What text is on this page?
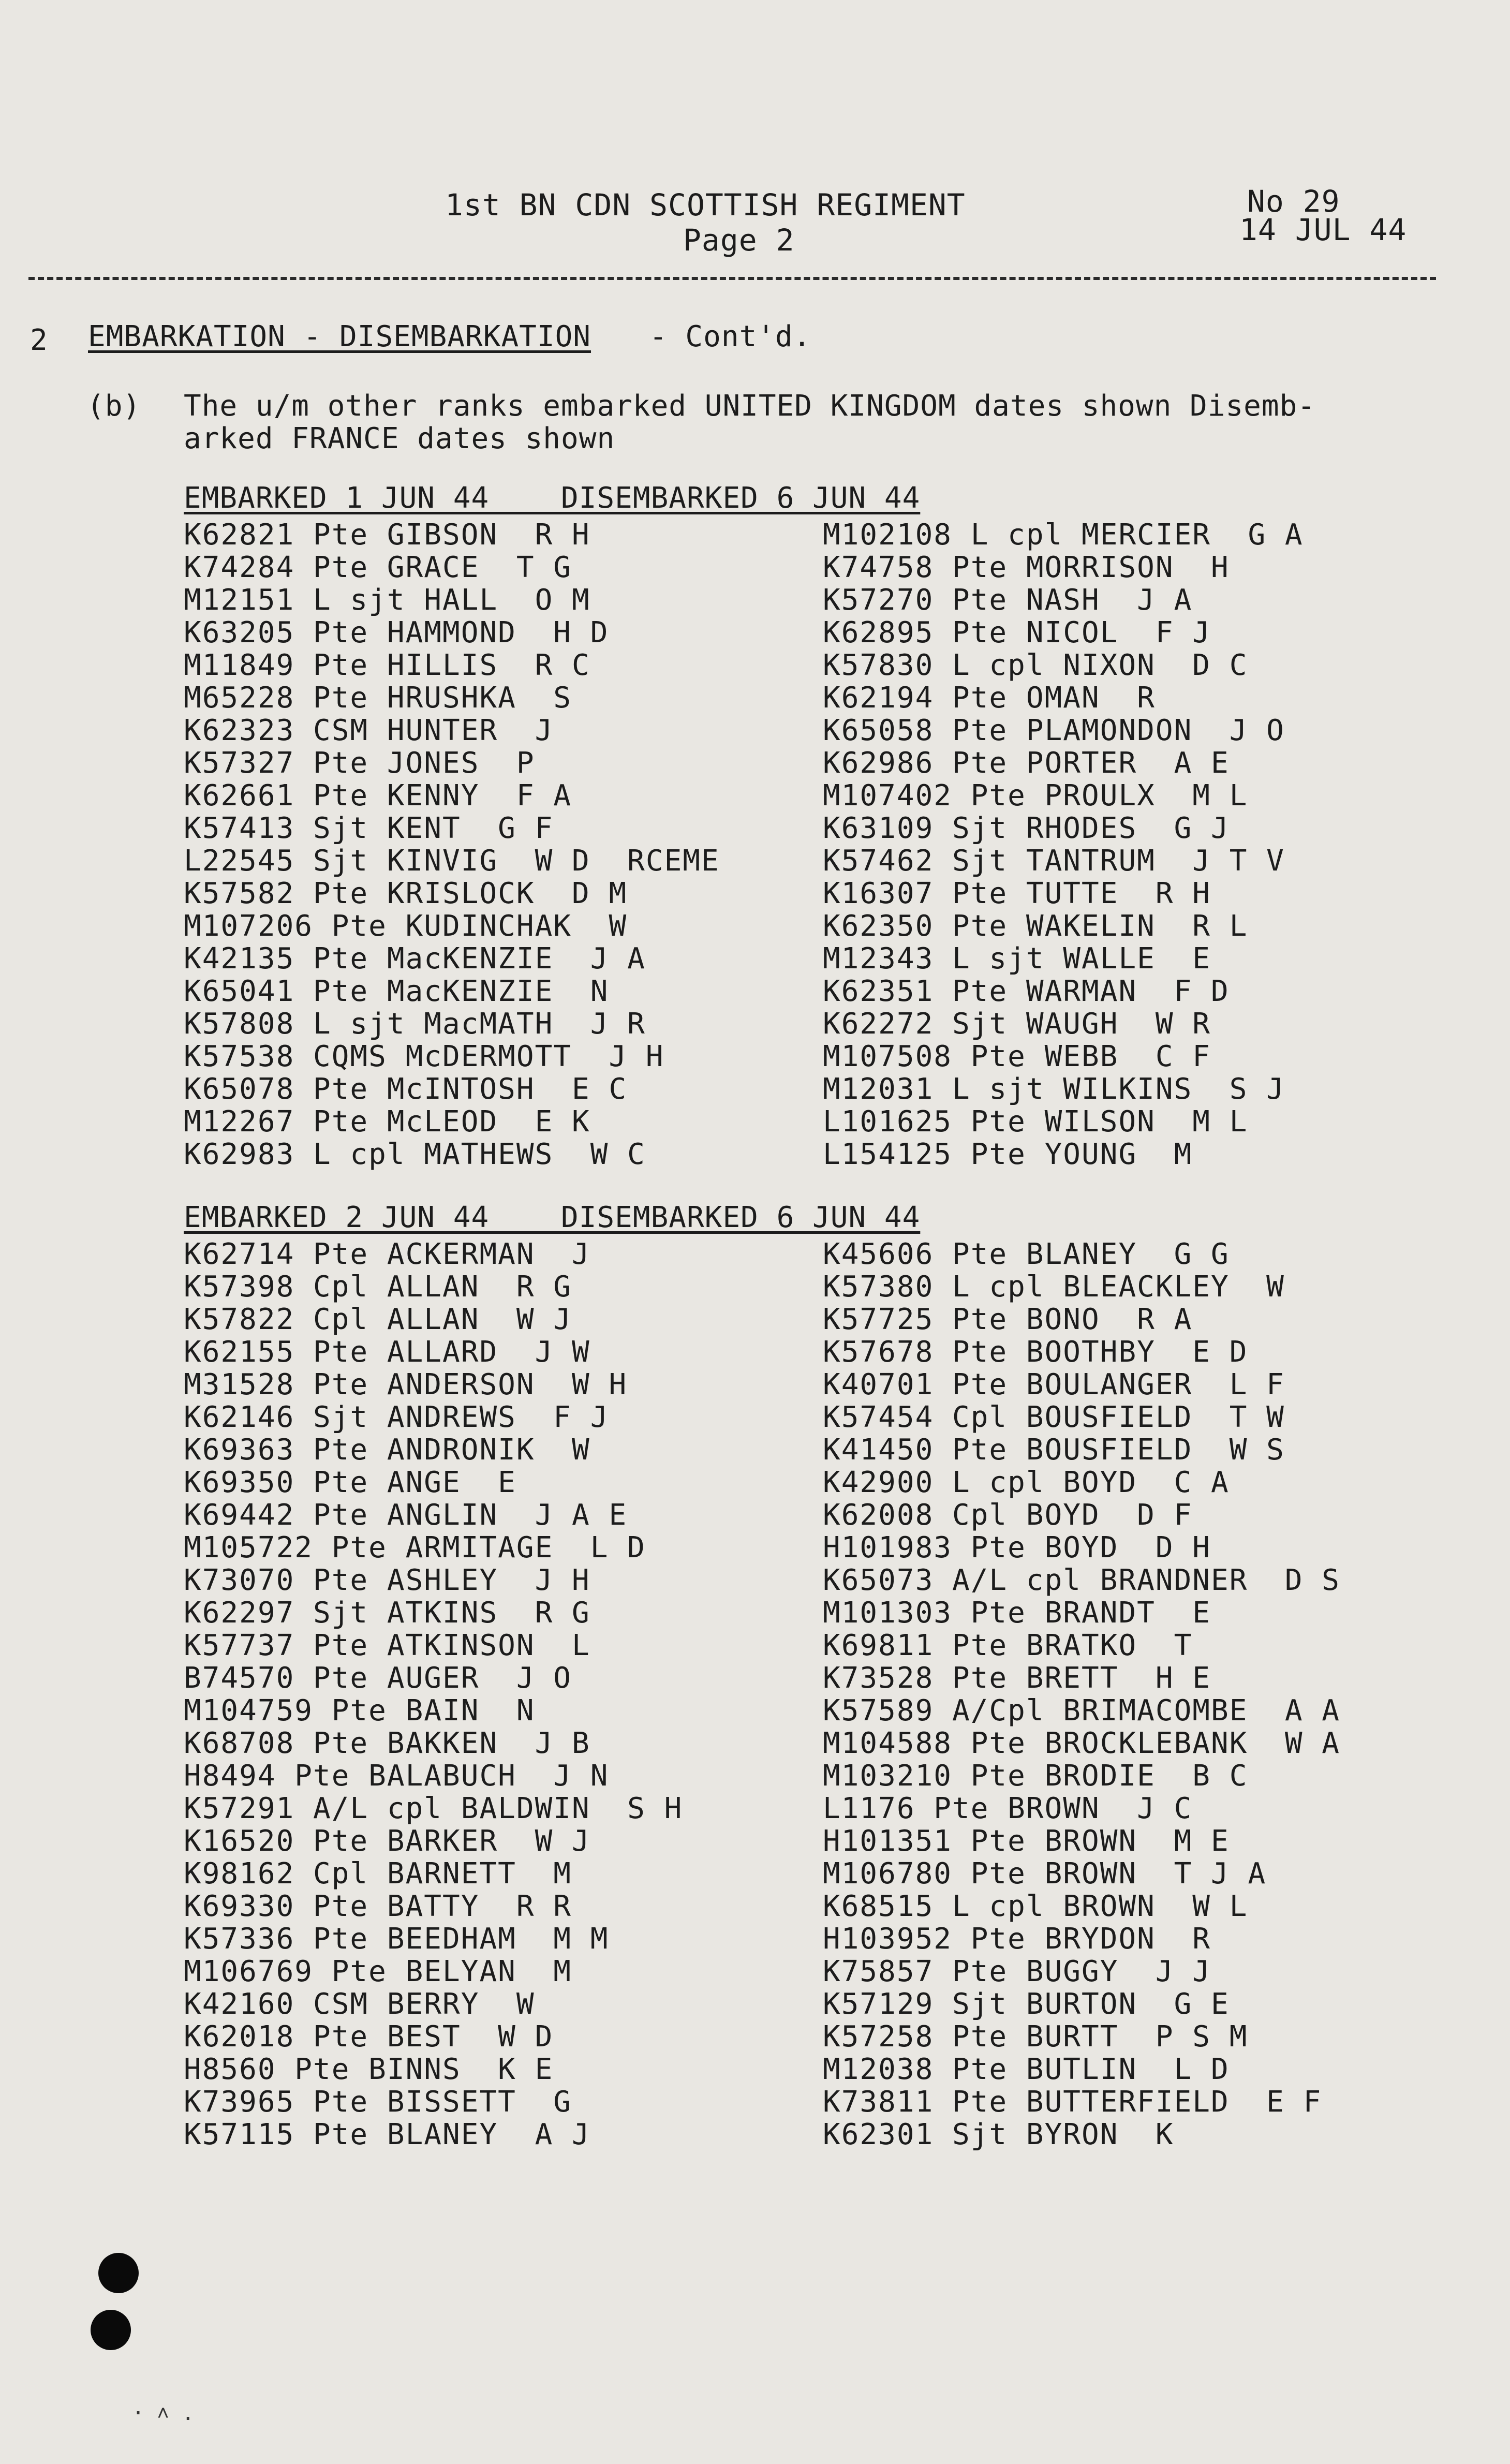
1st BN CDN SCOTTISH REGIMENT
Page 2
No 29
14 JUL 44
2 EMBARKATION - DISEMBARKATION - Cont'd.
(b) The u/m other ranks embarked UNITED KINGDOM dates shown Disemb-
arked FRANCE dates shown
EMBARKED 1 JUN 44    DISEMBARKED 6 JUN 44
K62821 Pte GIBSON  R H
K74284 Pte GRACE  T G
M12151 L sjt HALL  O M
K63205 Pte HAMMOND  H D
M11849 Pte HILLIS  R C
M65228 Pte HRUSHKA  S
K62323 CSM HUNTER  J
K57327 Pte JONES  P
K62661 Pte KENNY  F A
K57413 Sjt KENT  G F
L22545 Sjt KINVIG  W D  RCEME
K57582 Pte KRISLOCK  D M
M107206 Pte KUDINCHAK  W
K42135 Pte MacKENZIE  J A
K65041 Pte MacKENZIE  N
K57808 L sjt MacMATH  J R
K57538 CQMS McDERMOTT  J H
K65078 Pte McINTOSH  E C
M12267 Pte McLEOD  E K
K62983 L cpl MATHEWS  W C
M102108 L cpl MERCIER  G A
K74758 Pte MORRISON  H
K57270 Pte NASH  J A
K62895 Pte NICOL  F J
K57830 L cpl NIXON  D C
K62194 Pte OMAN  R
K65058 Pte PLAMONDON  J O
K62986 Pte PORTER  A E
M107402 Pte PROULX  M L
K63109 Sjt RHODES  G J
K57462 Sjt TANTRUM  J T V
K16307 Pte TUTTE  R H
K62350 Pte WAKELIN  R L
M12343 L sjt WALLE  E
K62351 Pte WARMAN  F D
K62272 Sjt WAUGH  W R
M107508 Pte WEBB  C F
M12031 L sjt WILKINS  S J
L101625 Pte WILSON  M L
L154125 Pte YOUNG  M
EMBARKED 2 JUN 44    DISEMBARKED 6 JUN 44
K62714 Pte ACKERMAN  J
K57398 Cpl ALLAN  R G
K57822 Cpl ALLAN  W J
K62155 Pte ALLARD  J W
M31528 Pte ANDERSON  W H
K62146 Sjt ANDREWS  F J
K69363 Pte ANDRONIK  W
K69350 Pte ANGE  E
K69442 Pte ANGLIN  J A E
M105722 Pte ARMITAGE  L D
K73070 Pte ASHLEY  J H
K62297 Sjt ATKINS  R G
K57737 Pte ATKINSON  L
B74570 Pte AUGER  J O
M104759 Pte BAIN  N
K68708 Pte BAKKEN  J B
H8494 Pte BALABUCH  J N
K57291 A/L cpl BALDWIN  S H
K16520 Pte BARKER  W J
K98162 Cpl BARNETT  M
K69330 Pte BATTY  R R
K57336 Pte BEEDHAM  M M
M106769 Pte BELYAN  M
K42160 CSM BERRY  W
K62018 Pte BEST  W D
H8560 Pte BINNS  K E
K73965 Pte BISSETT  G
K57115 Pte BLANEY  A J
K45606 Pte BLANEY  G G
K57380 L cpl BLEACKLEY  W
K57725 Pte BONO  R A
K57678 Pte BOOTHBY  E D
K40701 Pte BOULANGER  L F
K57454 Cpl BOUSFIELD  T W
K41450 Pte BOUSFIELD  W S
K42900 L cpl BOYD  C A
K62008 Cpl BOYD  D F
H101983 Pte BOYD  D H
K65073 A/L cpl BRANDNER  D S
M101303 Pte BRANDT  E
K69811 Pte BRATKO  T
K73528 Pte BRETT  H E
K57589 A/Cpl BRIMACOMBE  A A
M104588 Pte BROCKLEBANK  W A
M103210 Pte BRODIE  B C
L1176 Pte BROWN  J C
H101351 Pte BROWN  M E
M106780 Pte BROWN  T J A
K68515 L cpl BROWN  W L
H103952 Pte BRYDON  R
K75857 Pte BUGGY  J J
K57129 Sjt BURTON  G E
K57258 Pte BURTT  P S M
M12038 Pte BUTLIN  L D
K73811 Pte BUTTERFIELD  E F
K62301 Sjt BYRON  K
· ˄ .
